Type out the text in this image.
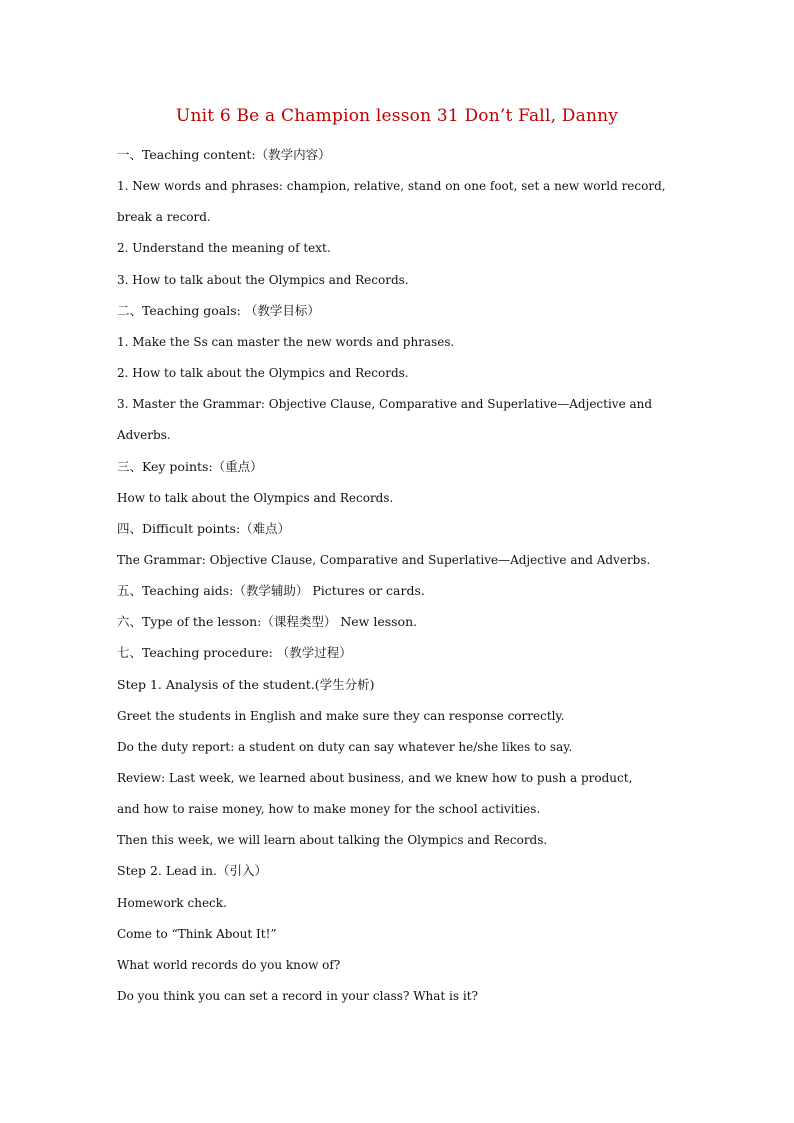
Unit 6 Be a Champion lesson 31 Don’t Fall, Danny
一、Teaching content:（教学内容）
1. New words and phrases: champion, relative, stand on one foot, set a new world record,
break a record.
2. Understand the meaning of text.
3. How to talk about the Olympics and Records.
二、Teaching goals: （教学目标）
1. Make the Ss can master the new words and phrases.
2. How to talk about the Olympics and Records.
3. Master the Grammar: Objective Clause, Comparative and Superlative—Adjective and
Adverbs.
三、Key points:（重点）
How to talk about the Olympics and Records.
四、Difficult points:（难点）
The Grammar: Objective Clause, Comparative and Superlative—Adjective and Adverbs.
五、Teaching aids:（教学辅助） Pictures or cards.
六、Type of the lesson:（课程类型） New lesson.
七、Teaching procedure: （教学过程）
Step 1. Analysis of the student.(学生分析)
Greet the students in English and make sure they can response correctly.
Do the duty report: a student on duty can say whatever he/she likes to say.
Review: Last week, we learned about business, and we knew how to push a product,
and how to raise money, how to make money for the school activities.
Then this week, we will learn about talking the Olympics and Records.
Step 2. Lead in.（引入）
Homework check.
Come to “Think About It!”
What world records do you know of?
Do you think you can set a record in your class? What is it?
